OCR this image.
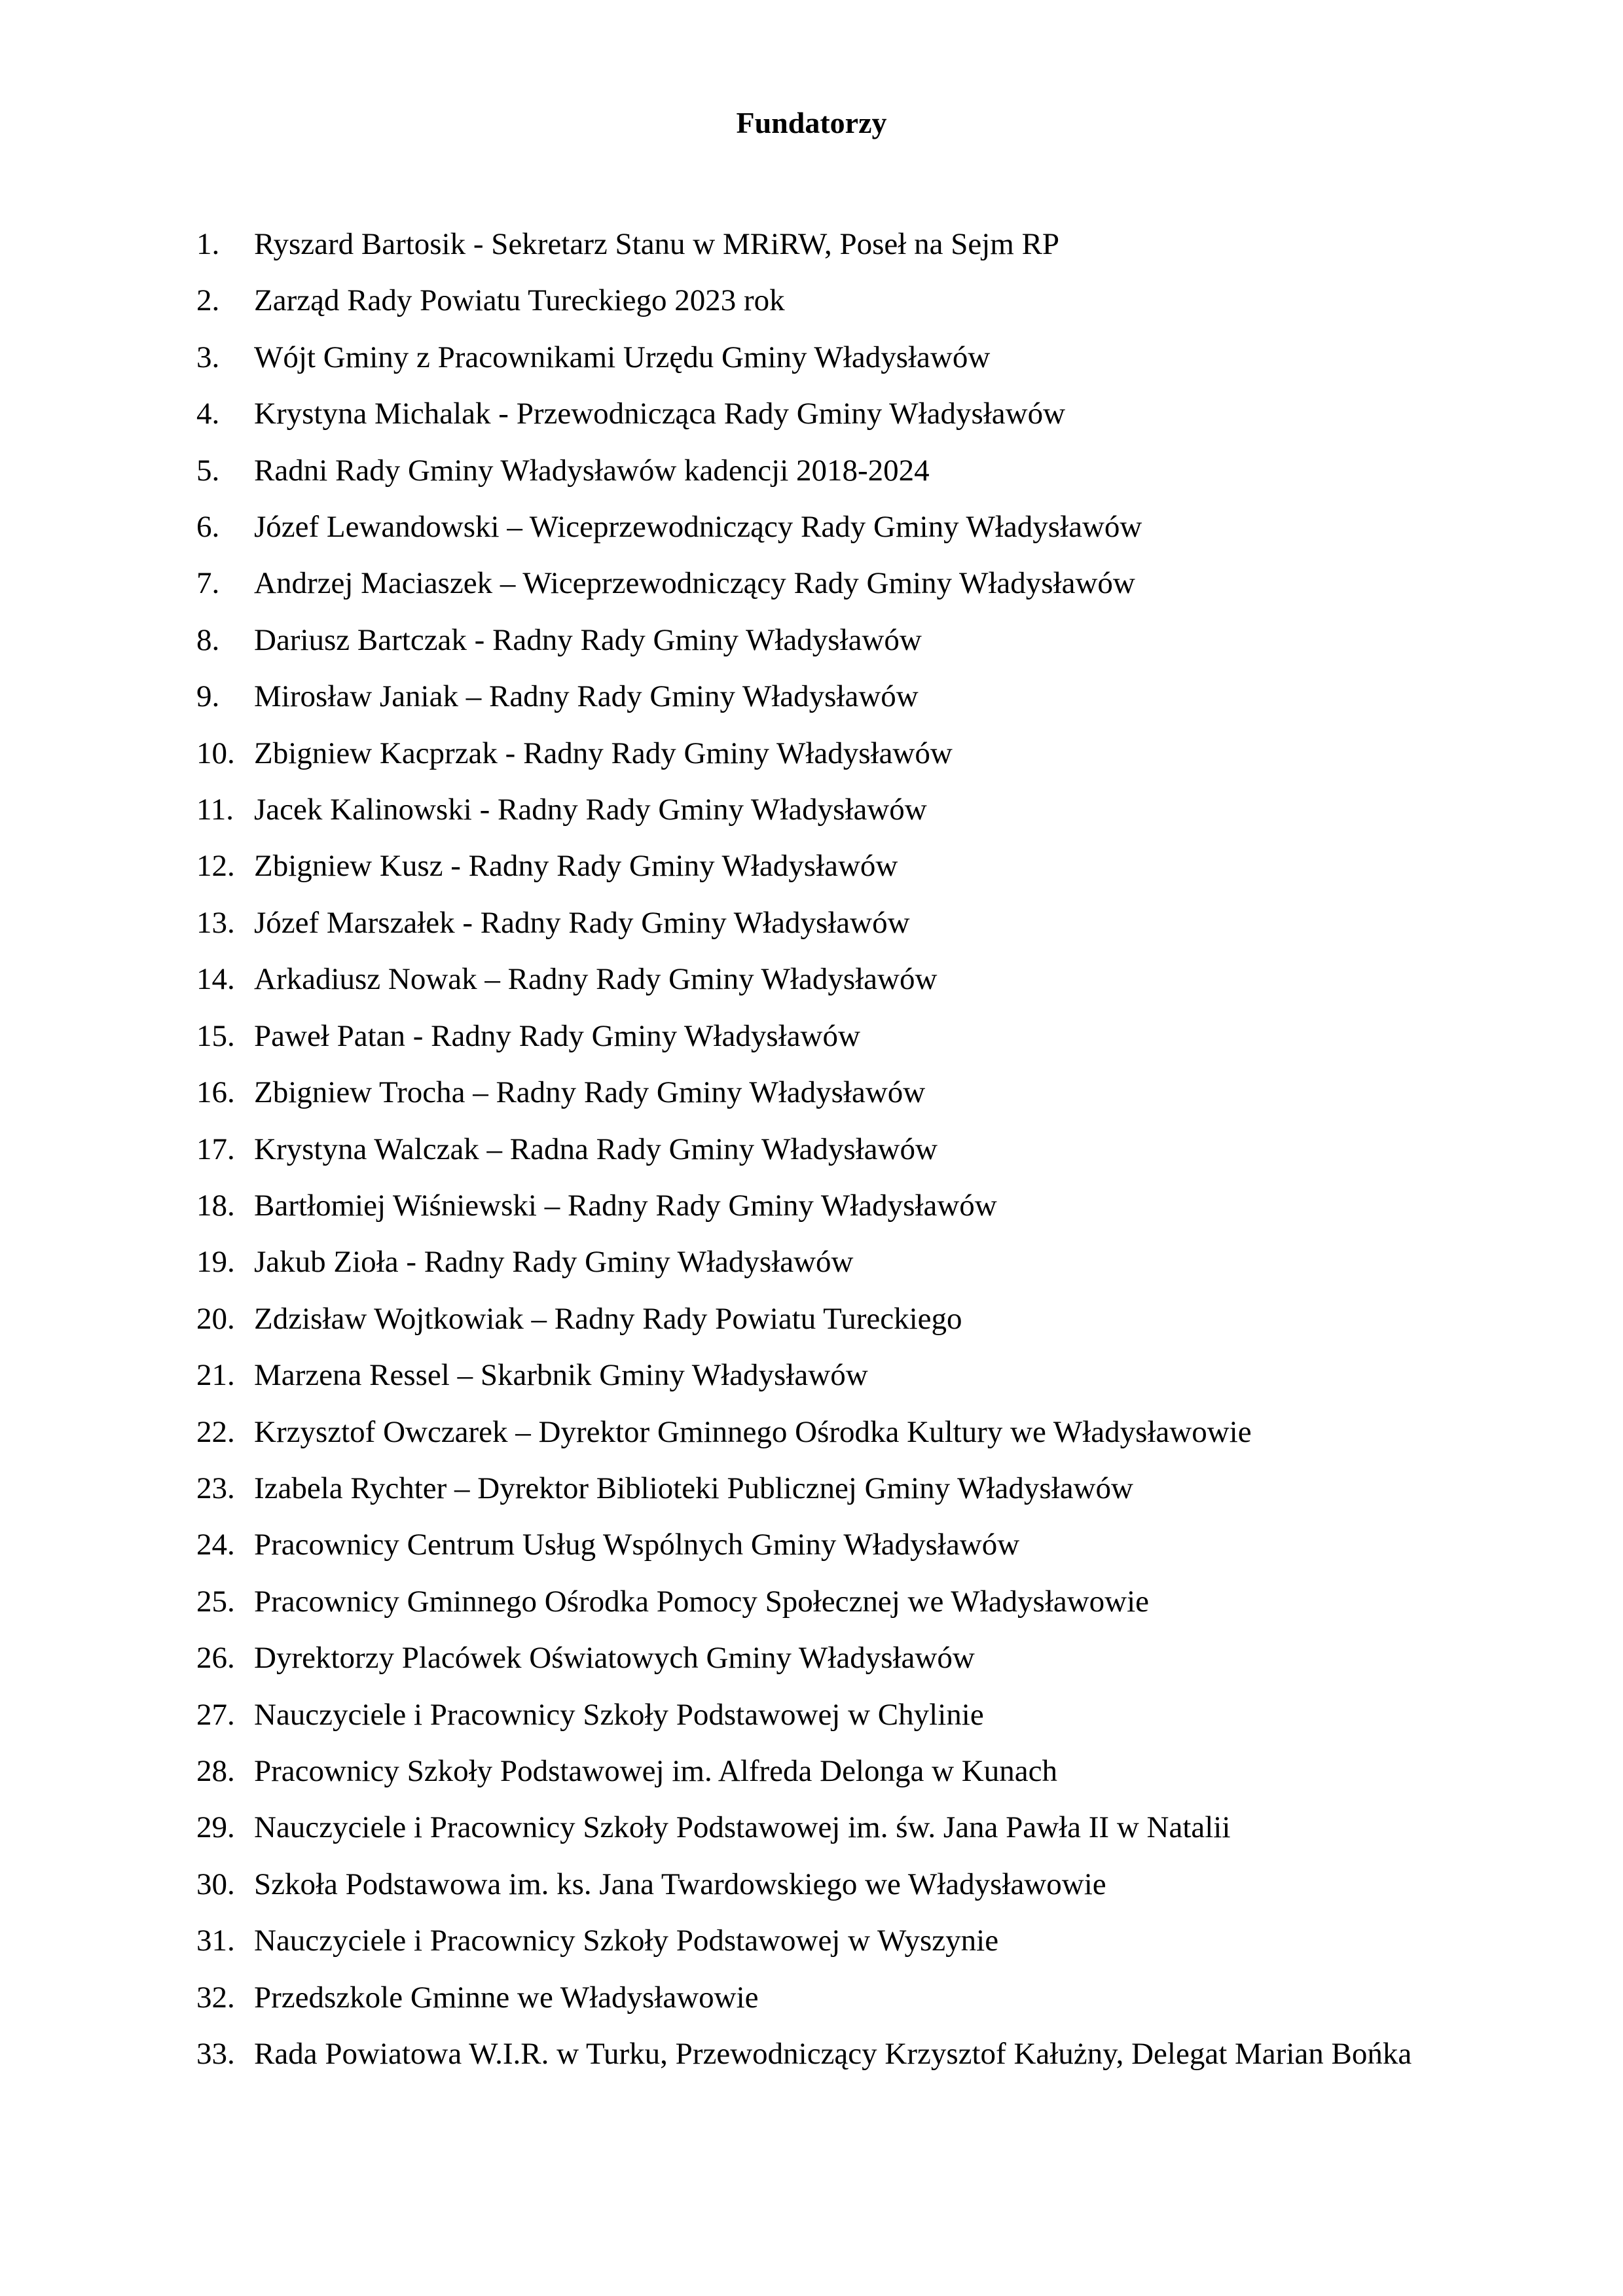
Fundatorzy
1. Ryszard Bartosik - Sekretarz Stanu w MRiRW, Poseł na Sejm RP
2. Zarząd Rady Powiatu Tureckiego 2023 rok
3. Wójt Gminy z Pracownikami Urzędu Gminy Władysławów
4. Krystyna Michalak - Przewodnicząca Rady Gminy Władysławów
5. Radni Rady Gminy Władysławów kadencji 2018-2024
6. Józef Lewandowski – Wiceprzewodniczący Rady Gminy Władysławów
7. Andrzej Maciaszek – Wiceprzewodniczący Rady Gminy Władysławów
8. Dariusz Bartczak - Radny Rady Gminy Władysławów
9. Mirosław Janiak – Radny Rady Gminy Władysławów
10. Zbigniew Kacprzak - Radny Rady Gminy Władysławów
11. Jacek Kalinowski - Radny Rady Gminy Władysławów
12. Zbigniew Kusz - Radny Rady Gminy Władysławów
13. Józef Marszałek - Radny Rady Gminy Władysławów
14. Arkadiusz Nowak – Radny Rady Gminy Władysławów
15. Paweł Patan - Radny Rady Gminy Władysławów
16. Zbigniew Trocha – Radny Rady Gminy Władysławów
17. Krystyna Walczak – Radna Rady Gminy Władysławów
18. Bartłomiej Wiśniewski – Radny Rady Gminy Władysławów
19. Jakub Zioła - Radny Rady Gminy Władysławów
20. Zdzisław Wojtkowiak – Radny Rady Powiatu Tureckiego
21. Marzena Ressel – Skarbnik Gminy Władysławów
22. Krzysztof Owczarek – Dyrektor Gminnego Ośrodka Kultury we Władysławowie
23. Izabela Rychter – Dyrektor Biblioteki Publicznej Gminy Władysławów
24. Pracownicy Centrum Usług Wspólnych Gminy Władysławów
25. Pracownicy Gminnego Ośrodka Pomocy Społecznej we Władysławowie
26. Dyrektorzy Placówek Oświatowych Gminy Władysławów
27. Nauczyciele i Pracownicy Szkoły Podstawowej w Chylinie
28. Pracownicy Szkoły Podstawowej im. Alfreda Delonga w Kunach
29. Nauczyciele i Pracownicy Szkoły Podstawowej im. św. Jana Pawła II w Natalii
30. Szkoła Podstawowa im. ks. Jana Twardowskiego we Władysławowie
31. Nauczyciele i Pracownicy Szkoły Podstawowej w Wyszynie
32. Przedszkole Gminne we Władysławowie
33. Rada Powiatowa W.I.R. w Turku, Przewodniczący Krzysztof Kałużny, Delegat Marian Bońka
